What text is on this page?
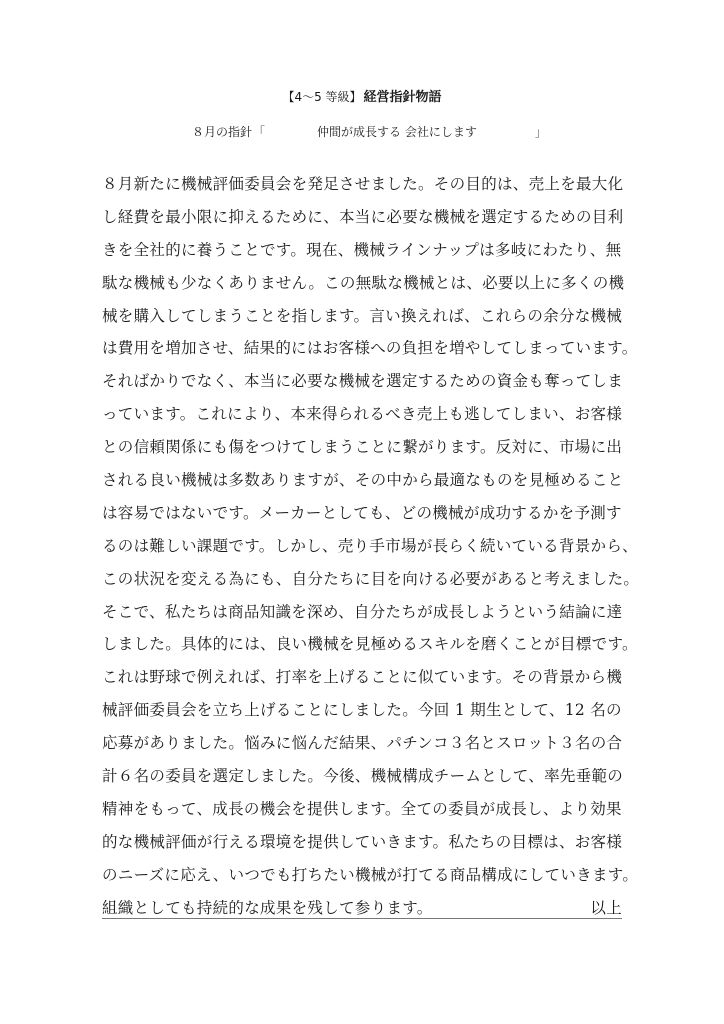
【4～5 等級】 経営指針物語
８月の指針「	仲間が成長する 会社にします	」
８月新たに機械評価委員会を発足させました。その目的は、売上を最大化
し経費を最小限に抑えるために、本当に必要な機械を選定するための目利
きを全社的に養うことです。現在、機械ラインナップは多岐にわたり、無
駄な機械も少なくありません。この無駄な機械とは、必要以上に多くの機
械を購入してしまうことを指します。言い換えれば、これらの余分な機械
は費用を増加させ、結果的にはお客様への負担を増やしてしまっています。
そればかりでなく、本当に必要な機械を選定するための資金も奪ってしま
っています。これにより、本来得られるべき売上も逃してしまい、お客様
との信頼関係にも傷をつけてしまうことに繋がります。反対に、市場に出
される良い機械は多数ありますが、その中から最適なものを見極めること
は容易ではないです。メーカーとしても、どの機械が成功するかを予測す
るのは難しい課題です。しかし、売り手市場が長らく続いている背景から、
この状況を変える為にも、自分たちに目を向ける必要があると考えました。
そこで、私たちは商品知識を深め、自分たちが成長しようという結論に達
しました。具体的には、良い機械を見極めるスキルを磨くことが目標です。
これは野球で例えれば、打率を上げることに似ています。その背景から機
械評価委員会を立ち上げることにしました。今回 1 期生として、12 名の
応募がありました。悩みに悩んだ結果、パチンコ３名とスロット３名の合
計６名の委員を選定しました。今後、機械構成チームとして、率先垂範の
精神をもって、成長の機会を提供します。全ての委員が成長し、より効果
的な機械評価が行える環境を提供していきます。私たちの目標は、お客様
のニーズに応え、いつでも打ちたい機械が打てる商品構成にしていきます。
組織としても持続的な成果を残して参ります。	以上
